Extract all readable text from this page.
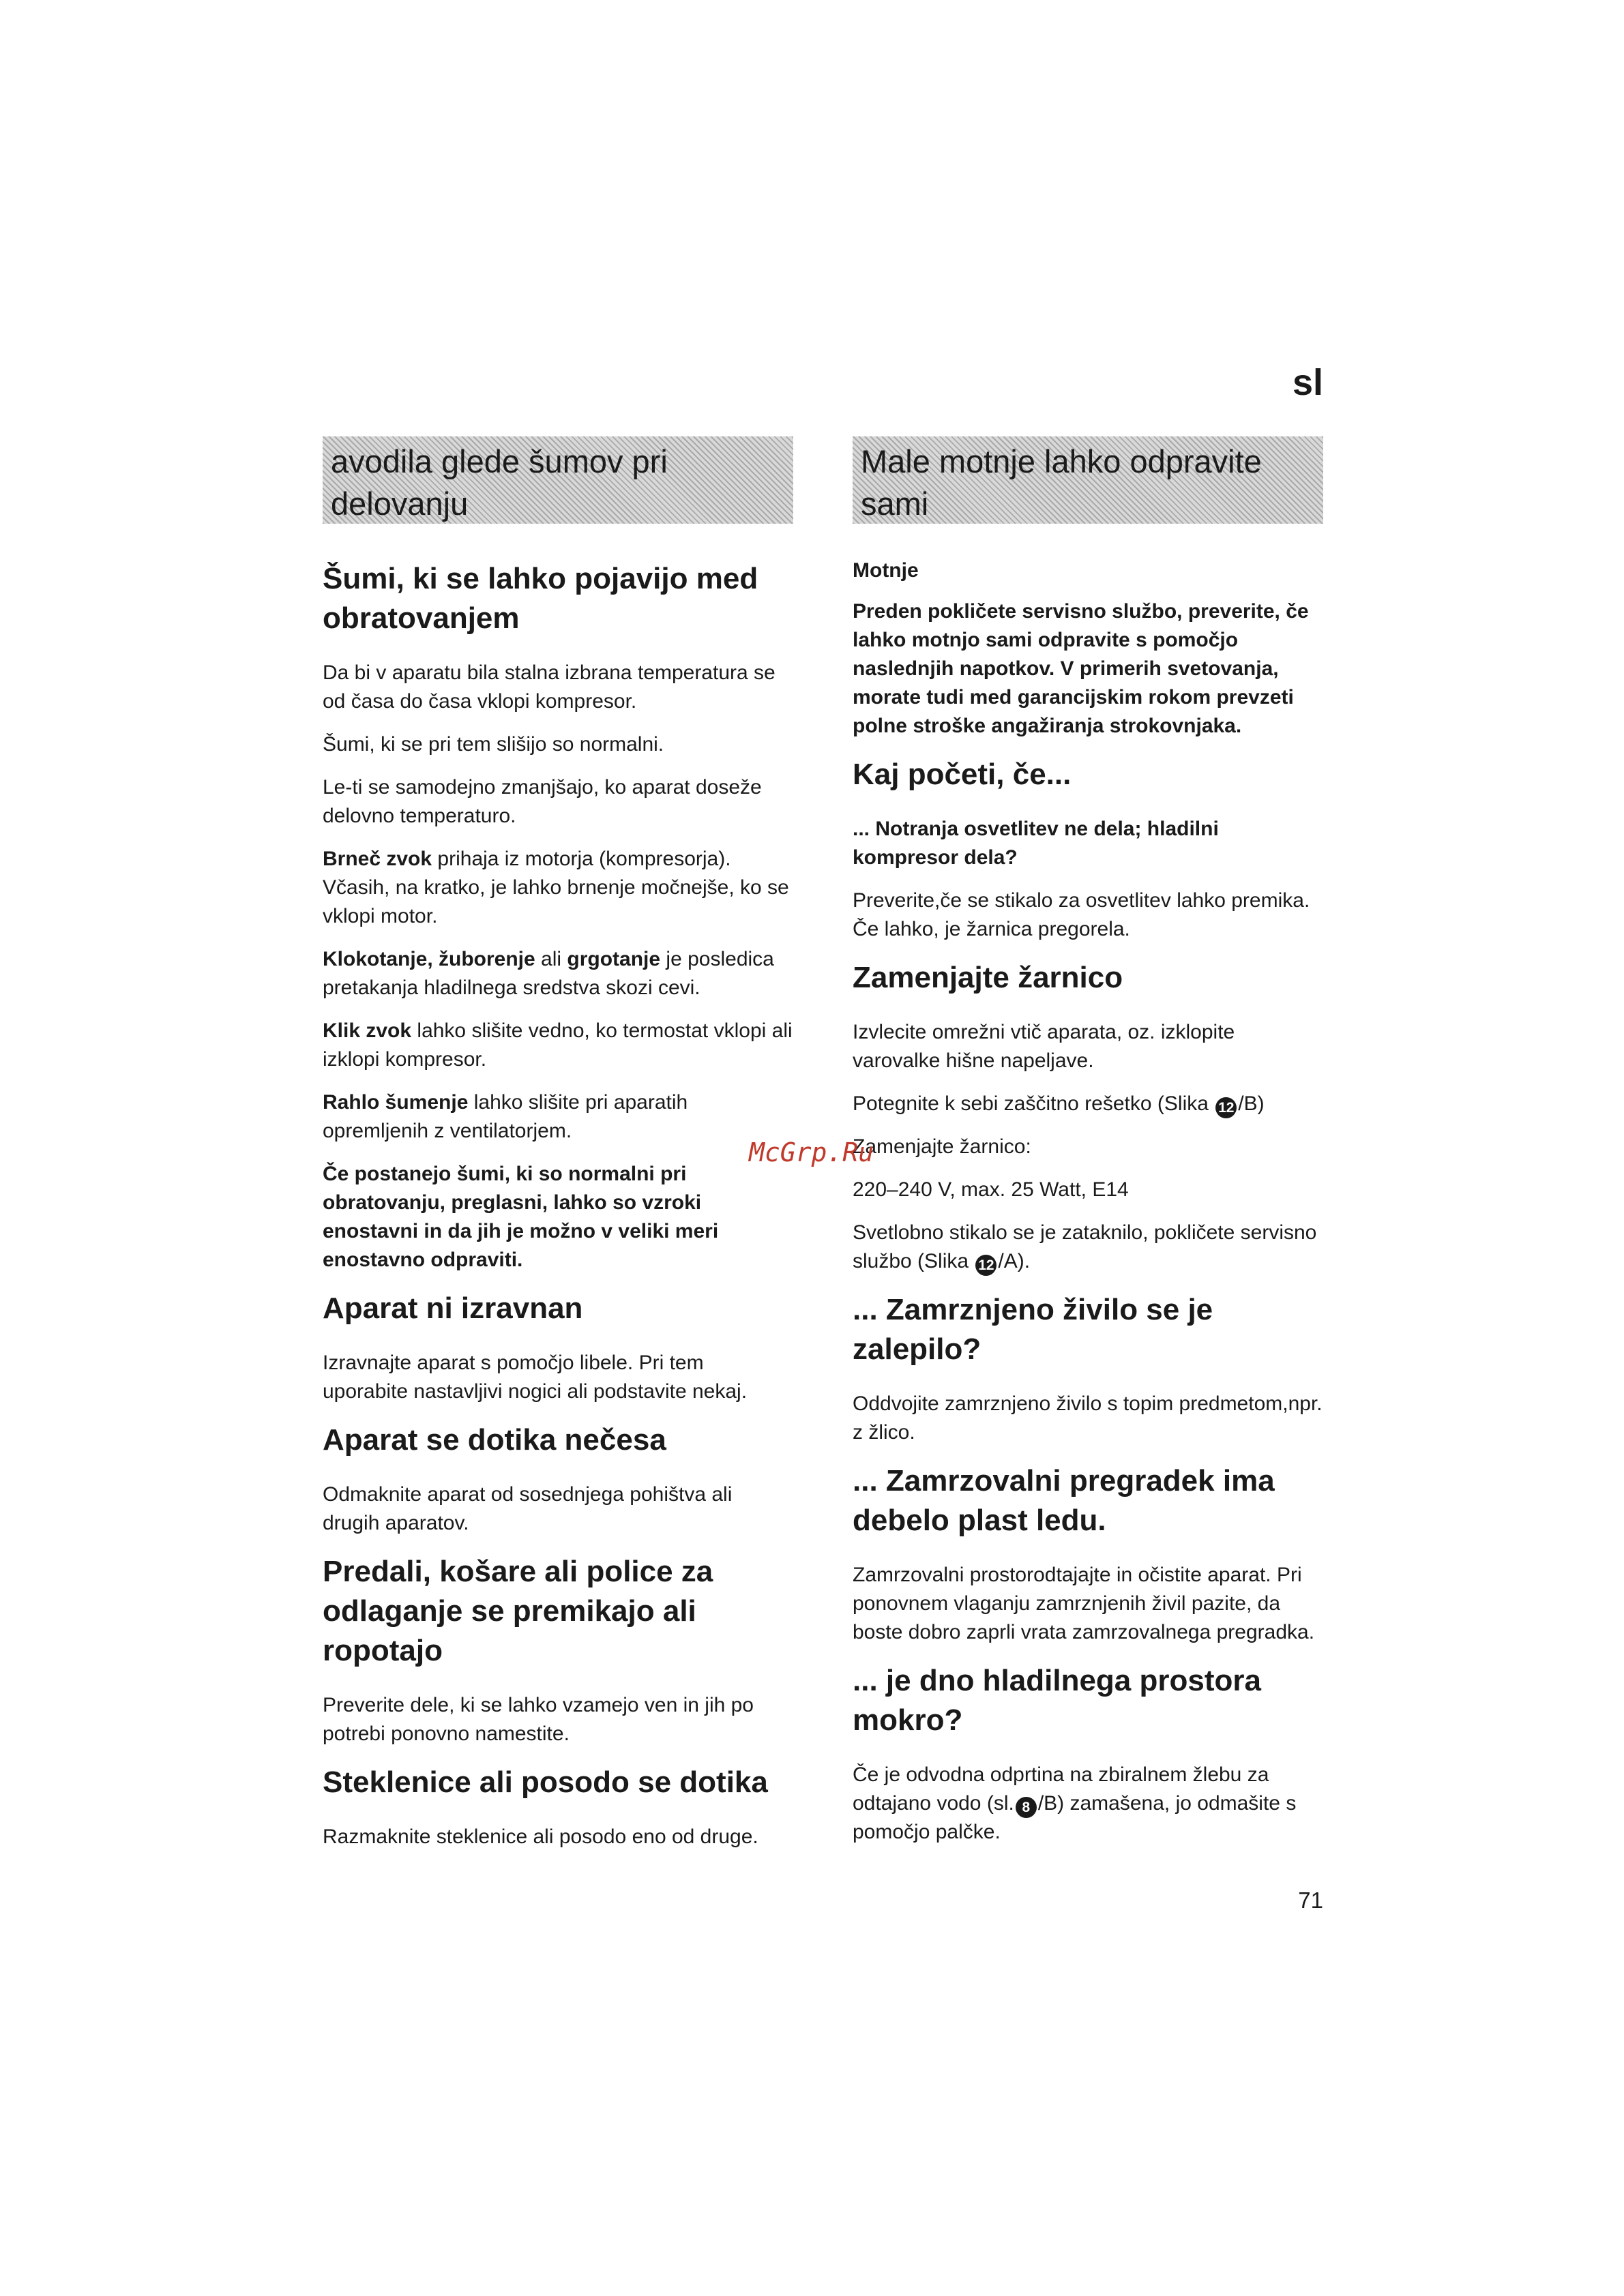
sl
avodila glede šumov pri
delovanju
Šumi, ki se lahko pojavijo med obratovanjem

Da bi v aparatu bila stalna izbrana temperatura se od časa do časa vklopi kompresor.

Šumi, ki se pri tem slišijo so normalni.

Le-ti se samodejno zmanjšajo, ko aparat doseže delovno temperaturo.

Brneč zvok prihaja iz motorja (kompresorja). Včasih, na kratko, je lahko brnenje močnejše, ko se vklopi motor.

Klokotanje, žuborenje ali grgotanje je posledica pretakanja hladilnega sredstva skozi cevi.

Klik zvok lahko slišite vedno, ko termostat vklopi ali izklopi kompresor.

Rahlo šumenje lahko slišite pri aparatih opremljenih z ventilatorjem.

Če postanejo šumi, ki so normalni pri obratovanju, preglasni, lahko so vzroki enostavni in da jih je možno v veliki meri enostavno odpraviti.

Aparat ni izravnan

Izravnajte aparat s pomočjo libele. Pri tem uporabite nastavljivi nogici ali podstavite nekaj.

Aparat se dotika nečesa

Odmaknite aparat od sosednjega pohištva ali drugih aparatov.

Predali, košare ali police za odlaganje se premikajo ali ropotajo

Preverite dele, ki se lahko vzamejo ven in jih po potrebi ponovno namestite.

Steklenice ali posodo se dotika

Razmaknite steklenice ali posodo eno od druge.

Male motnje lahko odpravite
sami
Motnje

Preden pokličete servisno službo, preverite, če lahko motnjo sami odpravite s pomočjo naslednjih napotkov. V primerih svetovanja, morate tudi med garancijskim rokom prevzeti polne stroške angažiranja strokovnjaka.

Kaj početi, če...

... Notranja osvetlitev ne dela; hladilni kompresor dela?

Preverite,če se stikalo za osvetlitev lahko premika. Če lahko, je žarnica pregorela.

Zamenjajte žarnico

Izvlecite omrežni vtič aparata, oz. izklopite varovalke hišne napeljave.

Potegnite k sebi zaščitno rešetko (Slika 12 /B)

Zamenjajte žarnico:

220–240 V, max. 25 Watt, E14

Svetlobno stikalo se je zataknilo, pokličete servisno službo (Slika 12 /A).

... Zamrznjeno živilo se je zalepilo?

Oddvojite zamrznjeno živilo s topim predmetom,npr. z žlico.

... Zamrzovalni pregradek ima debelo plast ledu.

Zamrzovalni prostorodtajajte in očistite aparat. Pri ponovnem vlaganju zamrznjenih živil pazite, da boste dobro zaprli vrata zamrzovalnega pregradka.

... je dno hladilnega prostora mokro?

Če je odvodna odprtina na zbiralnem žlebu za odtajano vodo (sl. 8 /B) zamašena, jo odmašite s pomočjo palčke.

McGrp.Ru
71
